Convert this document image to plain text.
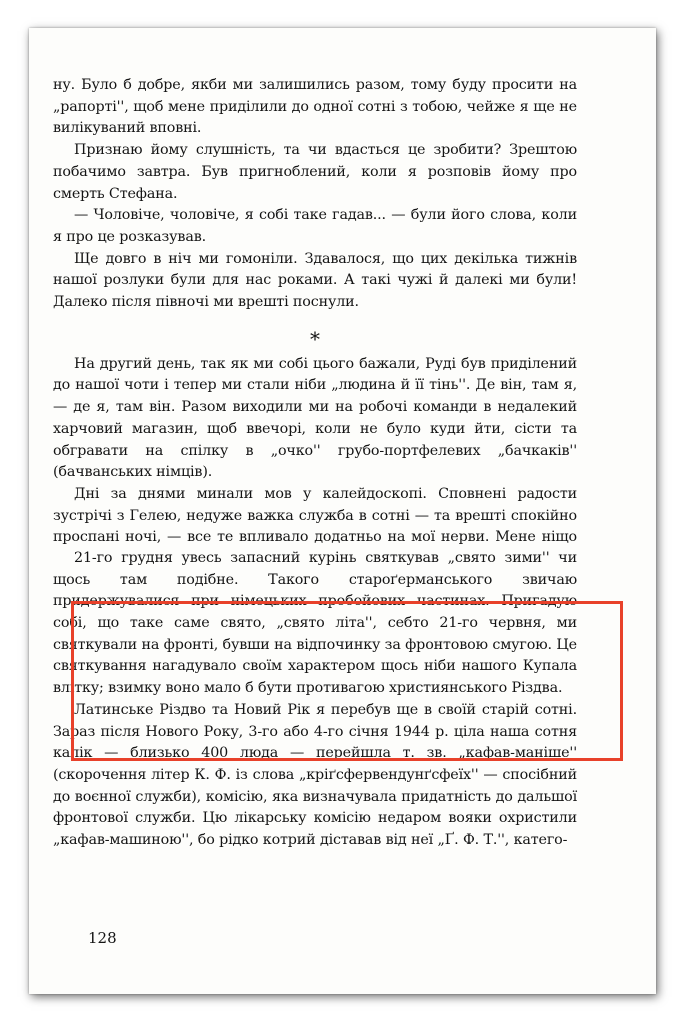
ну. Було б добре, якби ми залишились разом, тому буду просити на „рапорті'', щоб мене приділили до одної сотні з тобою, чейже я ще не вилікуваний вповні.

Признаю йому слушність, та чи вдасться це зробити? Зрештою побачимо завтра. Був пригноблений, коли я розповів йому про смерть Стефана.

— Чоловіче, чоловіче, я собі таке гадав... — були його слова, коли я про це розказував.

Ще довго в ніч ми гомоніли. Здавалося, що цих декілька тижнів нашої розлуки були для нас роками. А такі чужі й далекі ми були! Далеко після півночі ми врешті поснули.

*

На другий день, так як ми собі цього бажали, Руді був приділений до нашої чоти і тепер ми стали ніби „людина й її тінь''. Де він, там я, — де я, там він. Разом виходили ми на робочі команди в недалекий харчовий магазин, щоб ввечорі, коли не було куди йти, сісти та обгравати на спілку в „очко'' грубо-портфелевих „бачкаків'' (бачванських німців).

Дні за днями минали мов у калейдоскопі. Сповнені радости зустрічі з Гелею, недуже важка служба в сотні — та врешті спокійно проспані ночі, — все те впливало додатньо на мої нерви. Мене ніщо

21-го грудня увесь запасний курінь святкував „свято зими'' чи щось там подібне. Такого староґерманського звичаю придержувалися при німецьких пробойових частинах. Пригадую собі, що таке саме свято, „свято літа'', себто 21-го червня, ми святкували на фронті, бувши на відпочинку за фронтовою смугою. Це святкування нагадувало своїм характером щось ніби нашого Купала влітку; взимку воно мало б бути противагою християнського Різдва.

Латинське Різдво та Новий Рік я перебув ще в своїй старій сотні. Зараз після Нового Року, 3-го або 4-го січня 1944 р. ціла наша сотня калік — близько 400 люда — перейшла т. зв. „кафав-маніше'' (скорочення літер К. Ф. із слова „кріґсфервендунґсфеїх'' — спосібний до воєнної служби), комісію, яка визначувала придатність до дальшої фронтової служби. Цю лікарську комісію недаром вояки охристили „кафав-машиною'', бо рідко котрий діставав від неї „Ґ. Ф. Т.'', катего-

128
